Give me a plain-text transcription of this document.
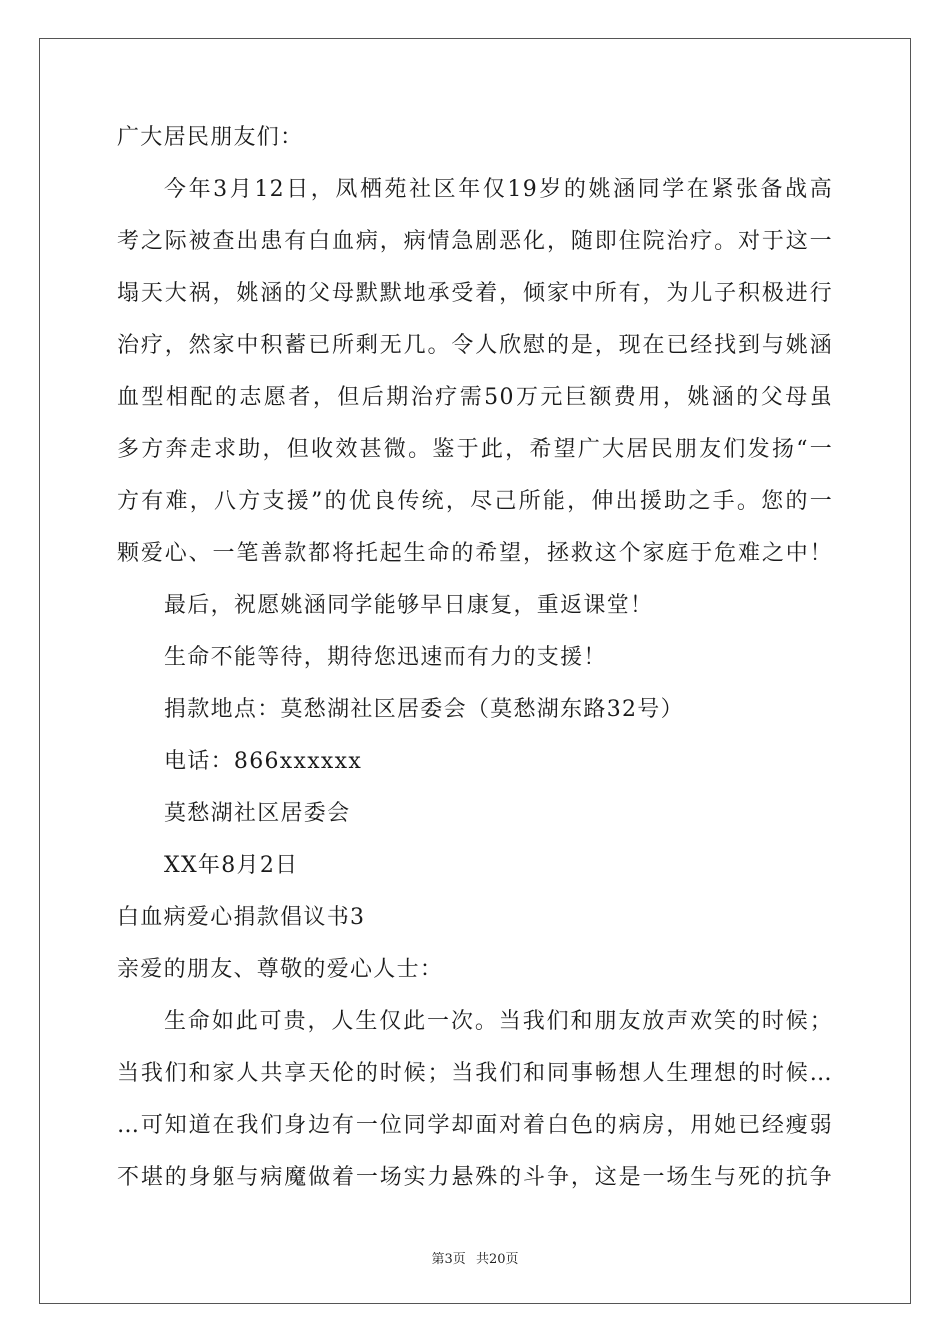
广大居民朋友们：
今年3月12日，凤栖苑社区年仅19岁的姚涵同学在紧张备战高
考之际被查出患有白血病，病情急剧恶化，随即住院治疗。对于这一
塌天大祸，姚涵的父母默默地承受着，倾家中所有，为儿子积极进行
治疗，然家中积蓄已所剩无几。令人欣慰的是，现在已经找到与姚涵
血型相配的志愿者，但后期治疗需50万元巨额费用，姚涵的父母虽
多方奔走求助，但收效甚微。鉴于此，希望广大居民朋友们发扬“一
方有难，八方支援”的优良传统，尽己所能，伸出援助之手。您的一
颗爱心、一笔善款都将托起生命的希望，拯救这个家庭于危难之中！
最后，祝愿姚涵同学能够早日康复，重返课堂！
生命不能等待，期待您迅速而有力的支援！
捐款地点：莫愁湖社区居委会（莫愁湖东路32号）
电话：866xxxxxx
莫愁湖社区居委会
XX年8月2日
白血病爱心捐款倡议书3
亲爱的朋友、尊敬的爱心人士：
生命如此可贵，人生仅此一次。当我们和朋友放声欢笑的时候；
当我们和家人共享天伦的时候；当我们和同事畅想人生理想的时候…
…可知道在我们身边有一位同学却面对着白色的病房，用她已经瘦弱
不堪的身躯与病魔做着一场实力悬殊的斗争，这是一场生与死的抗争
第3页 共20页
